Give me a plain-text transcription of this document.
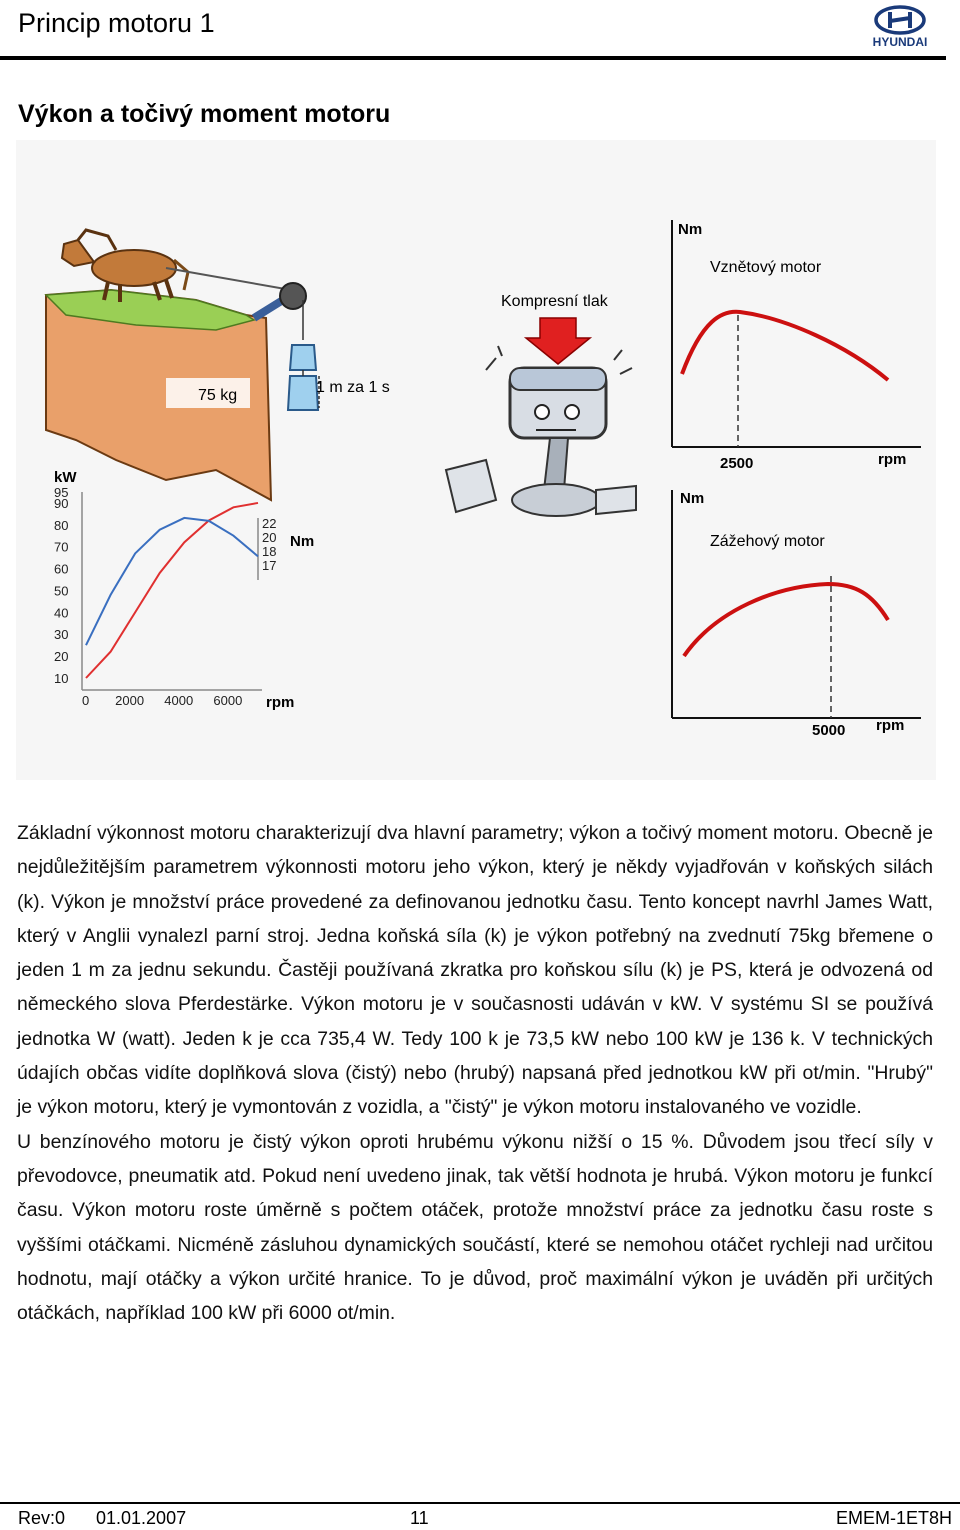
Princip motoru 1
HYUNDAI
Výkon a točivý moment motoru
75 kg	1 m za 1 s
Kompresní tlak
kW
Nm
rpm
95
90
80
70
60
50
40
30
20
10
22
20
18
17
0 2000 4000 6000
Nm
Vznětový motor
2500	rpm
Nm
Zážehový motor
5000 rpm

Základní výkonnost motoru charakterizují dva hlavní parametry; výkon a točivý moment motoru. Obecně je nejdůležitějším parametrem výkonnosti motoru jeho výkon, který je někdy vyjadřován v koňských silách (k). Výkon je množství práce provedené za definovanou jednotku času. Tento koncept navrhl James Watt, který v Anglii vynalezl parní stroj. Jedna koňská síla (k) je výkon potřebný na zvednutí 75kg břemene o jeden 1 m za jednu sekundu. Častěji používaná zkratka pro koňskou sílu (k) je PS, která je odvozená od německého slova Pferdestärke. Výkon motoru je v současnosti udáván v kW. V systému SI se používá jednotka W (watt). Jeden k je cca 735,4 W. Tedy 100 k je 73,5 kW nebo 100 kW je 136 k. V technických údajích občas vidíte doplňková slova (čistý) nebo (hrubý) napsaná před jednotkou kW při ot/min. "Hrubý" je výkon motoru, který je vymontován z vozidla, a "čistý" je výkon motoru instalovaného ve vozidle.

U benzínového motoru je čistý výkon oproti hrubému výkonu nižší o 15 %. Důvodem jsou třecí síly v převodovce, pneumatik atd. Pokud není uvedeno jinak, tak větší hodnota je hrubá. Výkon motoru je funkcí času. Výkon motoru roste úměrně s počtem otáček, protože množství práce za jednotku času roste s vyššími otáčkami. Nicméně zásluhou dynamických součástí, které se nemohou otáčet rychleji nad určitou hodnotu, mají otáčky a výkon určité hranice. To je důvod, proč maximální výkon je uváděn při určitých otáčkách, například 100 kW při 6000 ot/min.

Rev:0 01.01.2007	11	EMEM-1ET8H
